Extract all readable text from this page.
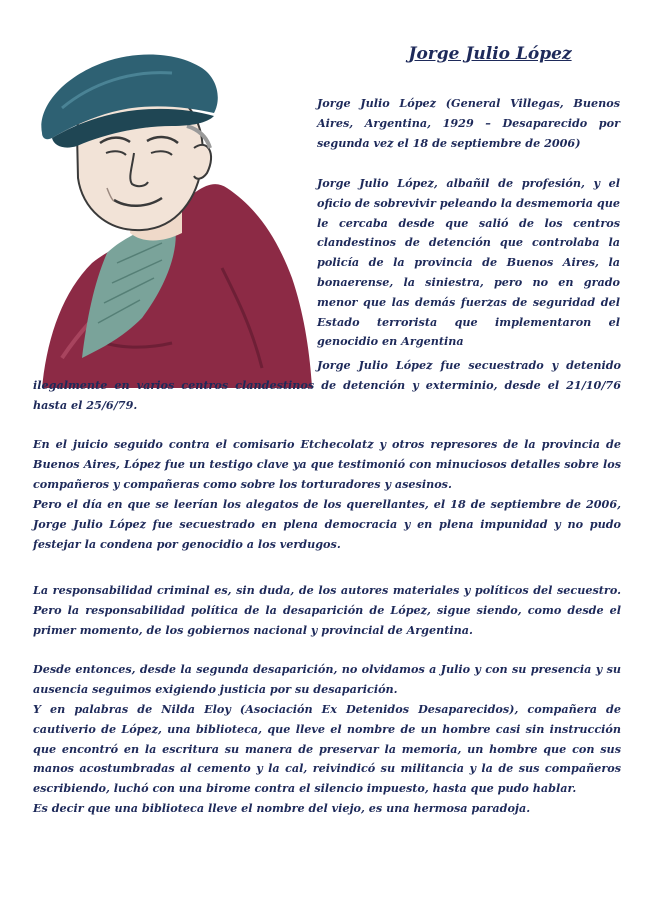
Jorge Julio López

Jorge Julio López (General Villegas, Buenos Aires, Argentina, 1929 – Desaparecido por segunda vez el 18 de septiembre de 2006)

Jorge Julio López, albañil de profesión, y el oficio de sobrevivir peleando la desmemoria que le cercaba desde que salió de los centros clandestinos de detención que controlaba la policía de la provincia de Buenos Aires, la bonaerense, la siniestra, pero no en grado menor que las demás fuerzas de seguridad del Estado terrorista que implementaron el genocidio en Argentina

Jorge Julio López fue secuestrado y detenido ilegalmente en varios centros clandestinos de detención y exterminio, desde el 21/10/76 hasta el 25/6/79.

En el juicio seguido contra el comisario Etchecolatz y otros represores de la provincia de Buenos Aires, López fue un testigo clave ya que testimonió con minuciosos detalles sobre los compañeros y compañeras como sobre los torturadores y asesinos.

Pero el día en que se leerían los alegatos de los querellantes, el 18 de septiembre de 2006, Jorge Julio López fue secuestrado en plena democracia y en plena impunidad y no pudo festejar la condena por genocidio a los verdugos.

La responsabilidad criminal es, sin duda, de los autores materiales y políticos del secuestro. Pero la responsabilidad política de la desaparición de López, sigue siendo, como desde el primer momento, de los gobiernos nacional y provincial de Argentina.

Desde entonces, desde la segunda desaparición, no olvidamos a Julio y con su presencia y su ausencia seguimos exigiendo justicia por su desaparición.

Y en palabras de Nilda Eloy (Asociación Ex Detenidos Desaparecidos), compañera de cautiverio de López, una biblioteca, que lleve el nombre de un hombre casi sin instrucción que encontró en la escritura su manera de preservar la memoria, un hombre que con sus manos acostumbradas al cemento y la cal, reivindicó su militancia y la de sus compañeros escribiendo, luchó con una birome contra el silencio impuesto, hasta que pudo hablar.

Es decir que una biblioteca lleve el nombre del viejo, es una hermosa paradoja.
